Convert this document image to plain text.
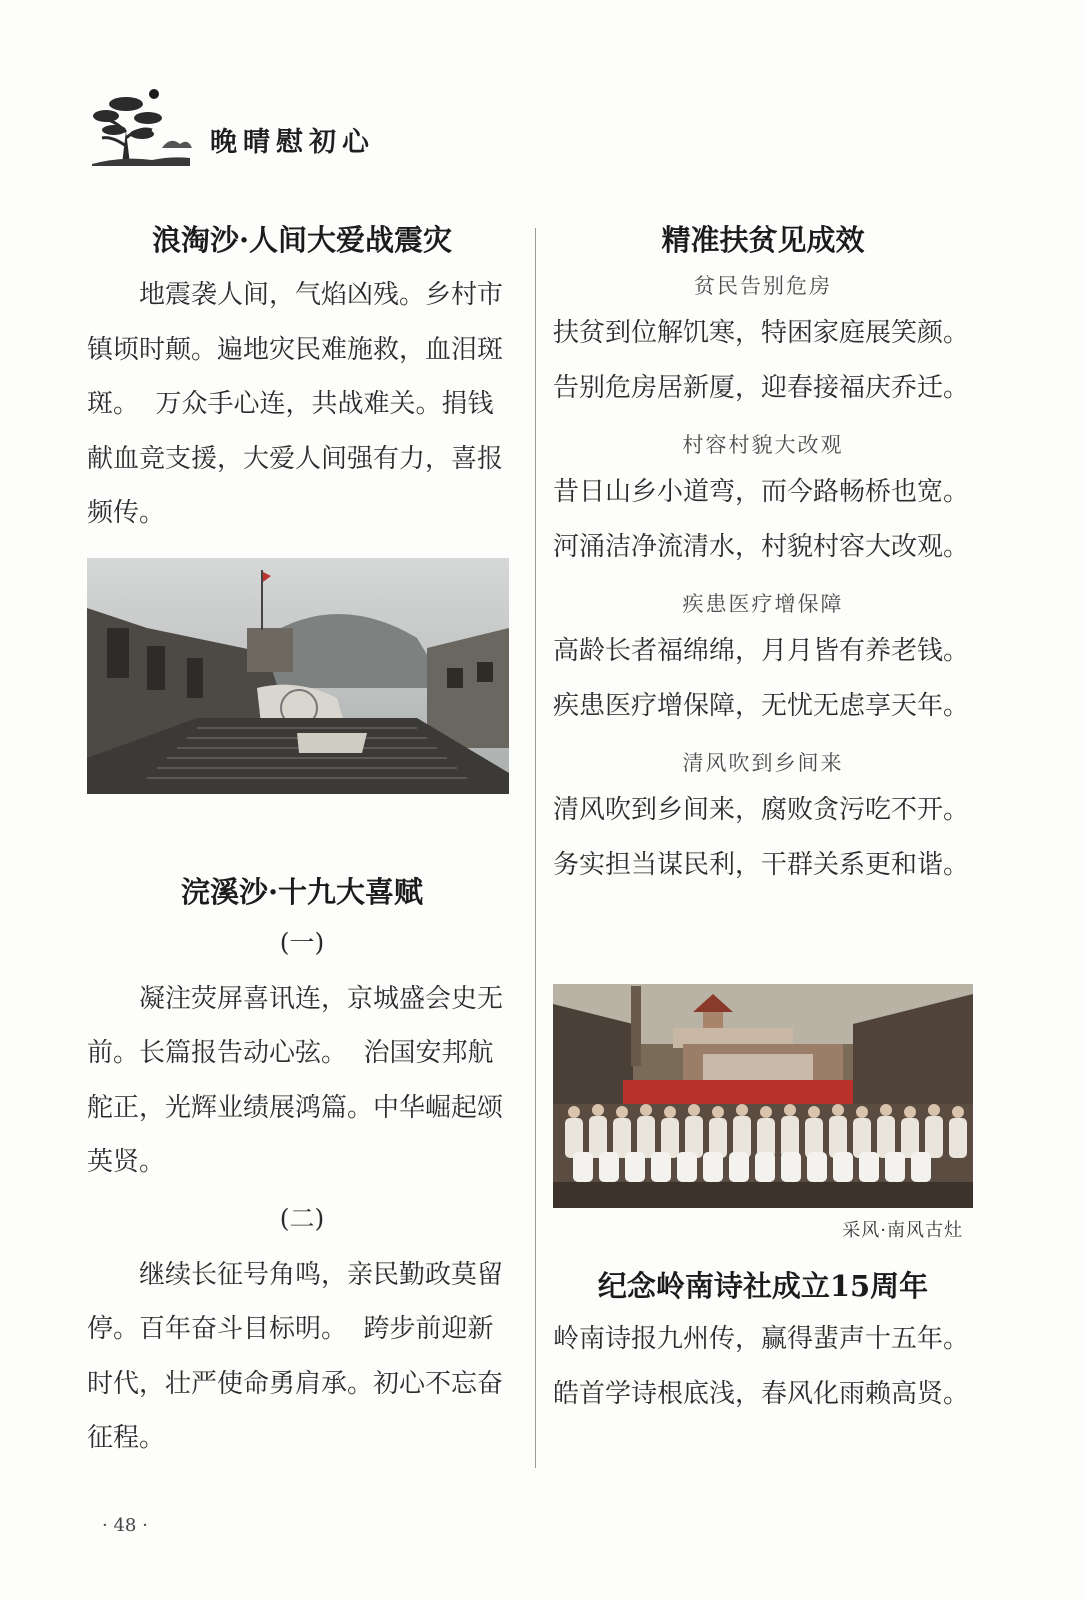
晚晴慰初心
浪淘沙·人间大爱战震灾

地震袭人间，气焰凶残。乡村市

镇顷时颠。遍地灾民难施救，血泪斑

斑。  万众手心连，共战难关。捐钱

献血竞支援，大爱人间强有力，喜报

频传。

浣溪沙·十九大喜赋

(一)

凝注荧屏喜讯连，京城盛会史无

前。长篇报告动心弦。  治国安邦航

舵正，光辉业绩展鸿篇。中华崛起颂

英贤。

(二)

继续长征号角鸣，亲民勤政莫留

停。百年奋斗目标明。  跨步前迎新

时代，壮严使命勇肩承。初心不忘奋

征程。

精准扶贫见成效

贫民告别危房

扶贫到位解饥寒，特困家庭展笑颜。

告别危房居新厦，迎春接福庆乔迁。

村容村貌大改观

昔日山乡小道弯，而今路畅桥也宽。

河涌洁净流清水，村貌村容大改观。

疾患医疗增保障

高龄长者福绵绵，月月皆有养老钱。

疾患医疗增保障，无忧无虑享天年。

清风吹到乡间来

清风吹到乡间来，腐败贪污吃不开。

务实担当谋民利，干群关系更和谐。

采风·南风古灶

纪念岭南诗社成立15周年

岭南诗报九州传，赢得蜚声十五年。

皓首学诗根底浅，春风化雨赖高贤。

· 48 ·
